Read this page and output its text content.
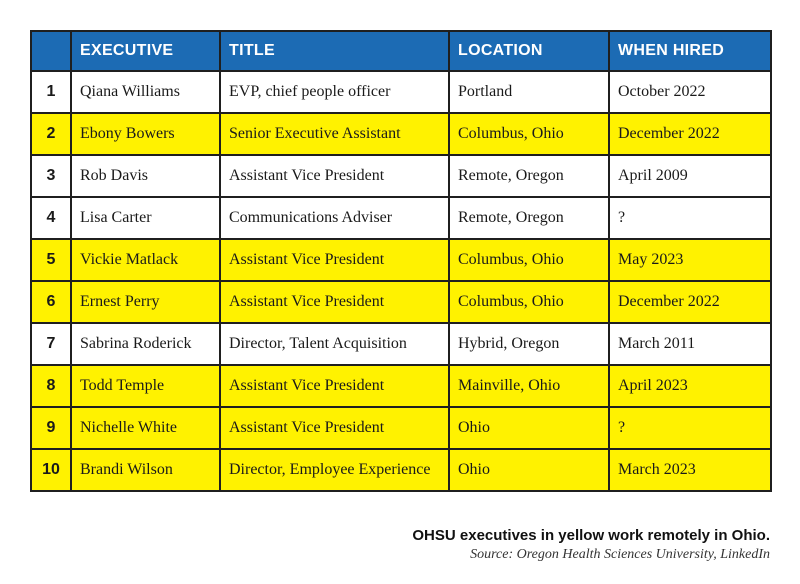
	EXECUTIVE	TITLE	LOCATION	WHEN HIRED
1	Qiana Williams	EVP, chief people officer	Portland	October 2022
2	Ebony Bowers	Senior Executive Assistant	Columbus, Ohio	December 2022
3	Rob Davis	Assistant Vice President	Remote, Oregon	April 2009
4	Lisa Carter	Communications Adviser	Remote, Oregon	?
5	Vickie Matlack	Assistant Vice President	Columbus, Ohio	May 2023
6	Ernest Perry	Assistant Vice President	Columbus, Ohio	December 2022
7	Sabrina Roderick	Director, Talent Acquisition	Hybrid, Oregon	March 2011
8	Todd Temple	Assistant Vice President	Mainville, Ohio	April 2023
9	Nichelle White	Assistant Vice President	Ohio	?
10	Brandi Wilson	Director, Employee Experience	Ohio	March 2023
OHSU executives in yellow work remotely in Ohio.
Source: Oregon Health Sciences University, LinkedIn
